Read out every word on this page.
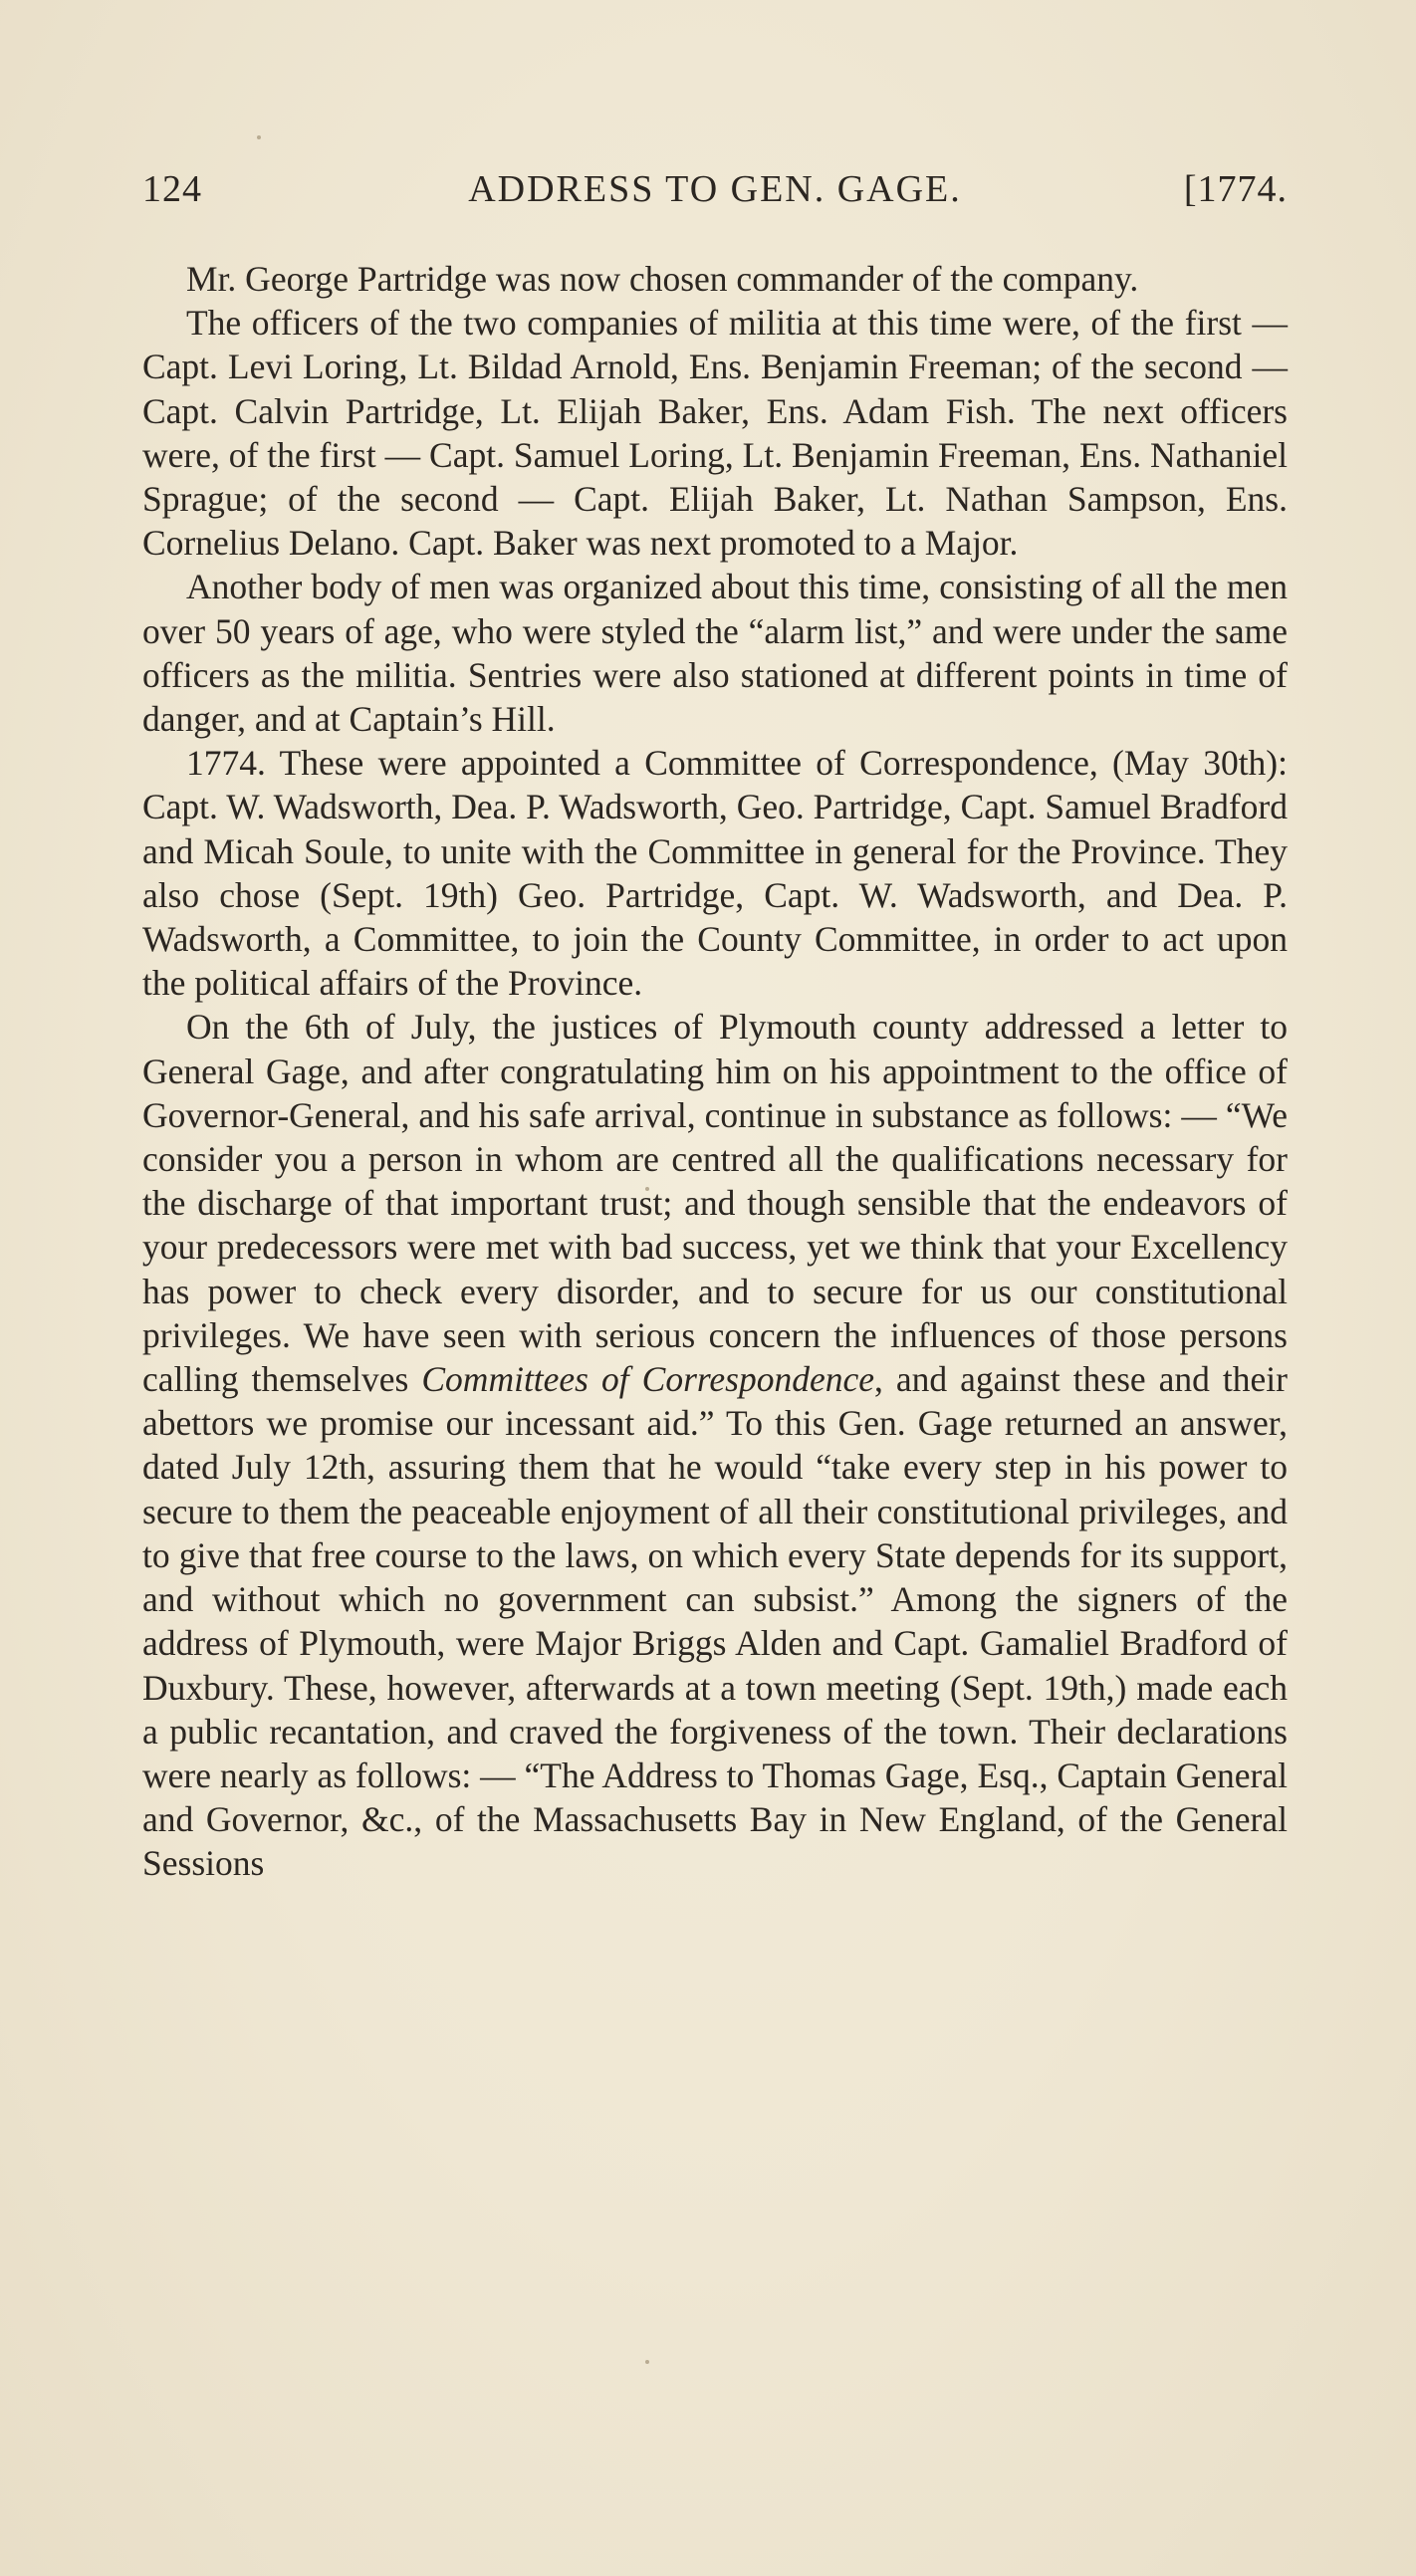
124	ADDRESS TO GEN. GAGE.	[1774.

Mr. George Partridge was now chosen commander of the company.

The officers of the two companies of militia at this time were, of the first — Capt. Levi Loring, Lt. Bildad Arnold, Ens. Benjamin Freeman; of the second — Capt. Calvin Partridge, Lt. Elijah Baker, Ens. Adam Fish. The next officers were, of the first — Capt. Samuel Loring, Lt. Benjamin Freeman, Ens. Nathaniel Sprague; of the second — Capt. Elijah Baker, Lt. Nathan Sampson, Ens. Cornelius Delano. Capt. Baker was next promoted to a Major.

Another body of men was organized about this time, consisting of all the men over 50 years of age, who were styled the “alarm list,” and were under the same officers as the militia. Sentries were also stationed at different points in time of danger, and at Captain’s Hill.

1774. These were appointed a Committee of Correspondence, (May 30th): Capt. W. Wadsworth, Dea. P. Wadsworth, Geo. Partridge, Capt. Samuel Bradford and Micah Soule, to unite with the Committee in general for the Province. They also chose (Sept. 19th) Geo. Partridge, Capt. W. Wadsworth, and Dea. P. Wadsworth, a Committee, to join the County Committee, in order to act upon the political affairs of the Province.

On the 6th of July, the justices of Plymouth county addressed a letter to General Gage, and after congratulating him on his appointment to the office of Governor-General, and his safe arrival, continue in substance as follows: — “We consider you a person in whom are centred all the qualifications necessary for the discharge of that important trust; and though sensible that the endeavors of your predecessors were met with bad success, yet we think that your Excellency has power to check every disorder, and to secure for us our constitutional privileges. We have seen with serious concern the influences of those persons calling themselves Committees of Correspondence, and against these and their abettors we promise our incessant aid.” To this Gen. Gage returned an answer, dated July 12th, assuring them that he would “take every step in his power to secure to them the peaceable enjoyment of all their constitutional privileges, and to give that free course to the laws, on which every State depends for its support, and without which no government can subsist.” Among the signers of the address of Plymouth, were Major Briggs Alden and Capt. Gamaliel Bradford of Duxbury. These, however, afterwards at a town meeting (Sept. 19th,) made each a public recantation, and craved the forgiveness of the town. Their declarations were nearly as follows: — “The Address to Thomas Gage, Esq., Captain General and Governor, &c., of the Massachusetts Bay in New England, of the General Sessions
